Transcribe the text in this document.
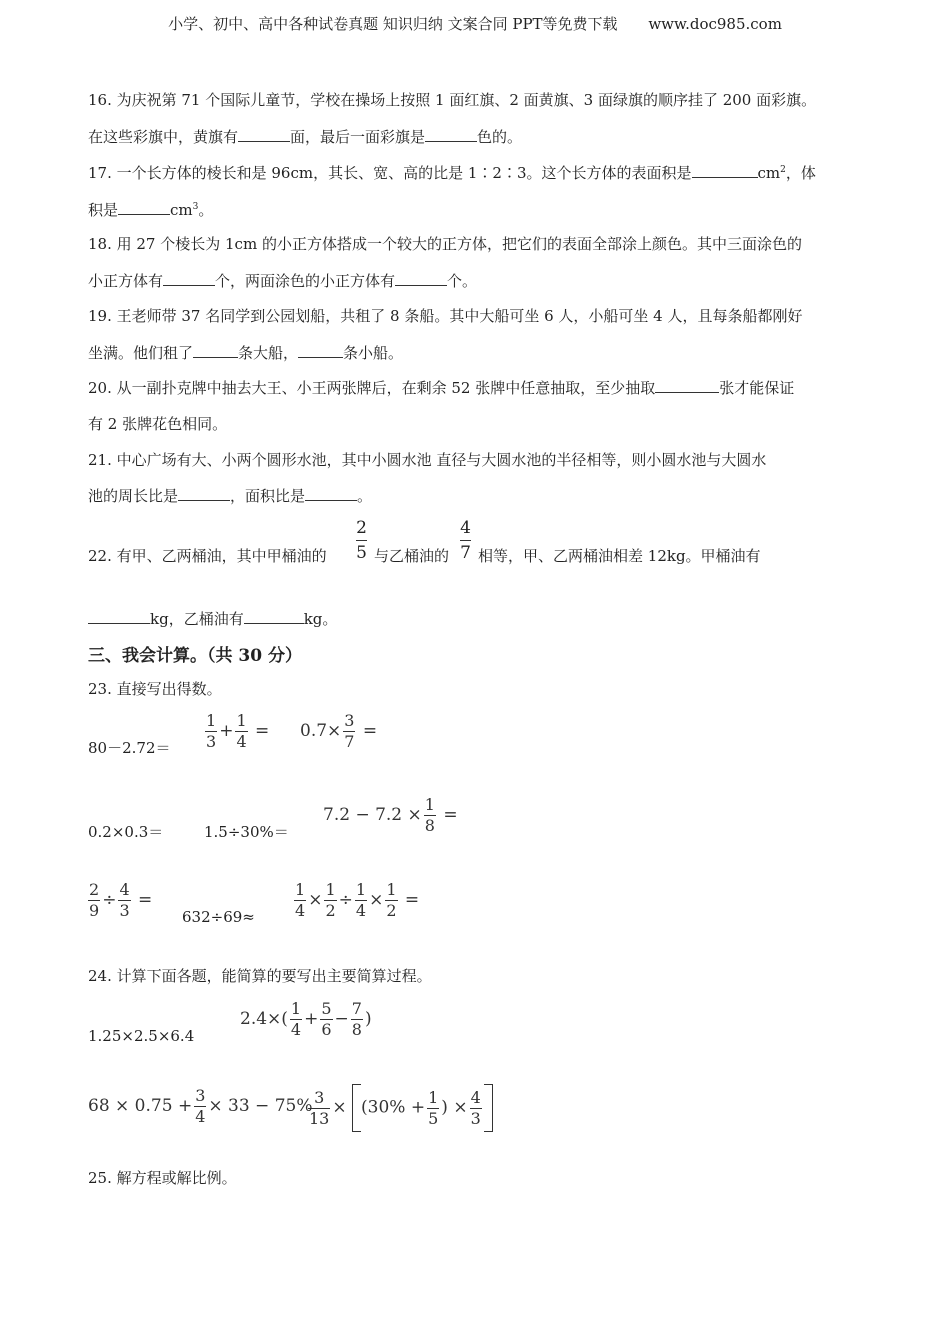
小学、初中、高中各种试卷真题 知识归纳 文案合同 PPT等免费下载 www.doc985.com
16. 为庆祝第 71 个国际儿童节，学校在操场上按照 1 面红旗、2 面黄旗、3 面绿旗的顺序挂了 200 面彩旗。
在这些彩旗中，黄旗有	面，最后一面彩旗是	色的。
17. 一个长方体的棱长和是 96cm，其长、宽、高的比是 1∶2∶3。这个长方体的表面积是	$cm^2$，体
积是	$cm^3$。
18. 用 27 个棱长为 1cm 的小正方体搭成一个较大的正方体，把它们的表面全部涂上颜色。其中三面涂色的
小正方体有	个，两面涂色的小正方体有	个。
19. 王老师带 37 名同学到公园划船，共租了 8 条船。其中大船可坐 6 人，小船可坐 4 人，且每条船都刚好
坐满。他们租了	条大船，	条小船。
20. 从一副扑克牌中抽去大王、小王两张牌后，在剩余 52 张牌中任意抽取，至少抽取	张才能保证
有 2 张牌花色相同。
21. 中心广场有大、小两个圆形水池，其中小圆水池 直径与大圆水池的半径相等，则小圆水池与大圆水
池的周长比是	，面积比是	。
22. 有甲、乙两桶油，其中甲桶油的
2
5 与乙桶油的
4
7 相等，甲、乙两桶油相差 12kg。甲桶油有
kg，乙桶油有	kg。
三、我会计算。（共 30 分）
23. 直接写出得数。
$80-2.72= \frac{1}{3} + \frac{1}{4} = 0.7\times \frac{3}{7}$ =
0.2×0.3＝	1.5÷30%＝
$7.2 - 7.2 \times \frac{1}{8}$ =
$\frac{2}{9} \div \frac{4}{3}$ =
$632\div 69\approx \frac{1}{4} \times \frac{1}{2} \div \frac{1}{4} \times \frac{1}{2}$ =
24. 计算下面各题，能简算的要写出主要简算过程。
1.25×2.5×6.4
$2.4\times( \frac{1}{4} + \frac{5}{6} - \frac{7}{8}$ )
$68 \times 0.75 + \frac{3}{4} \times 33 - 75\%$
$\frac{3}{13} \times (30\% + \frac{1}{5}$ ) × $\frac{4}{3}$
25. 解方程或解比例。
